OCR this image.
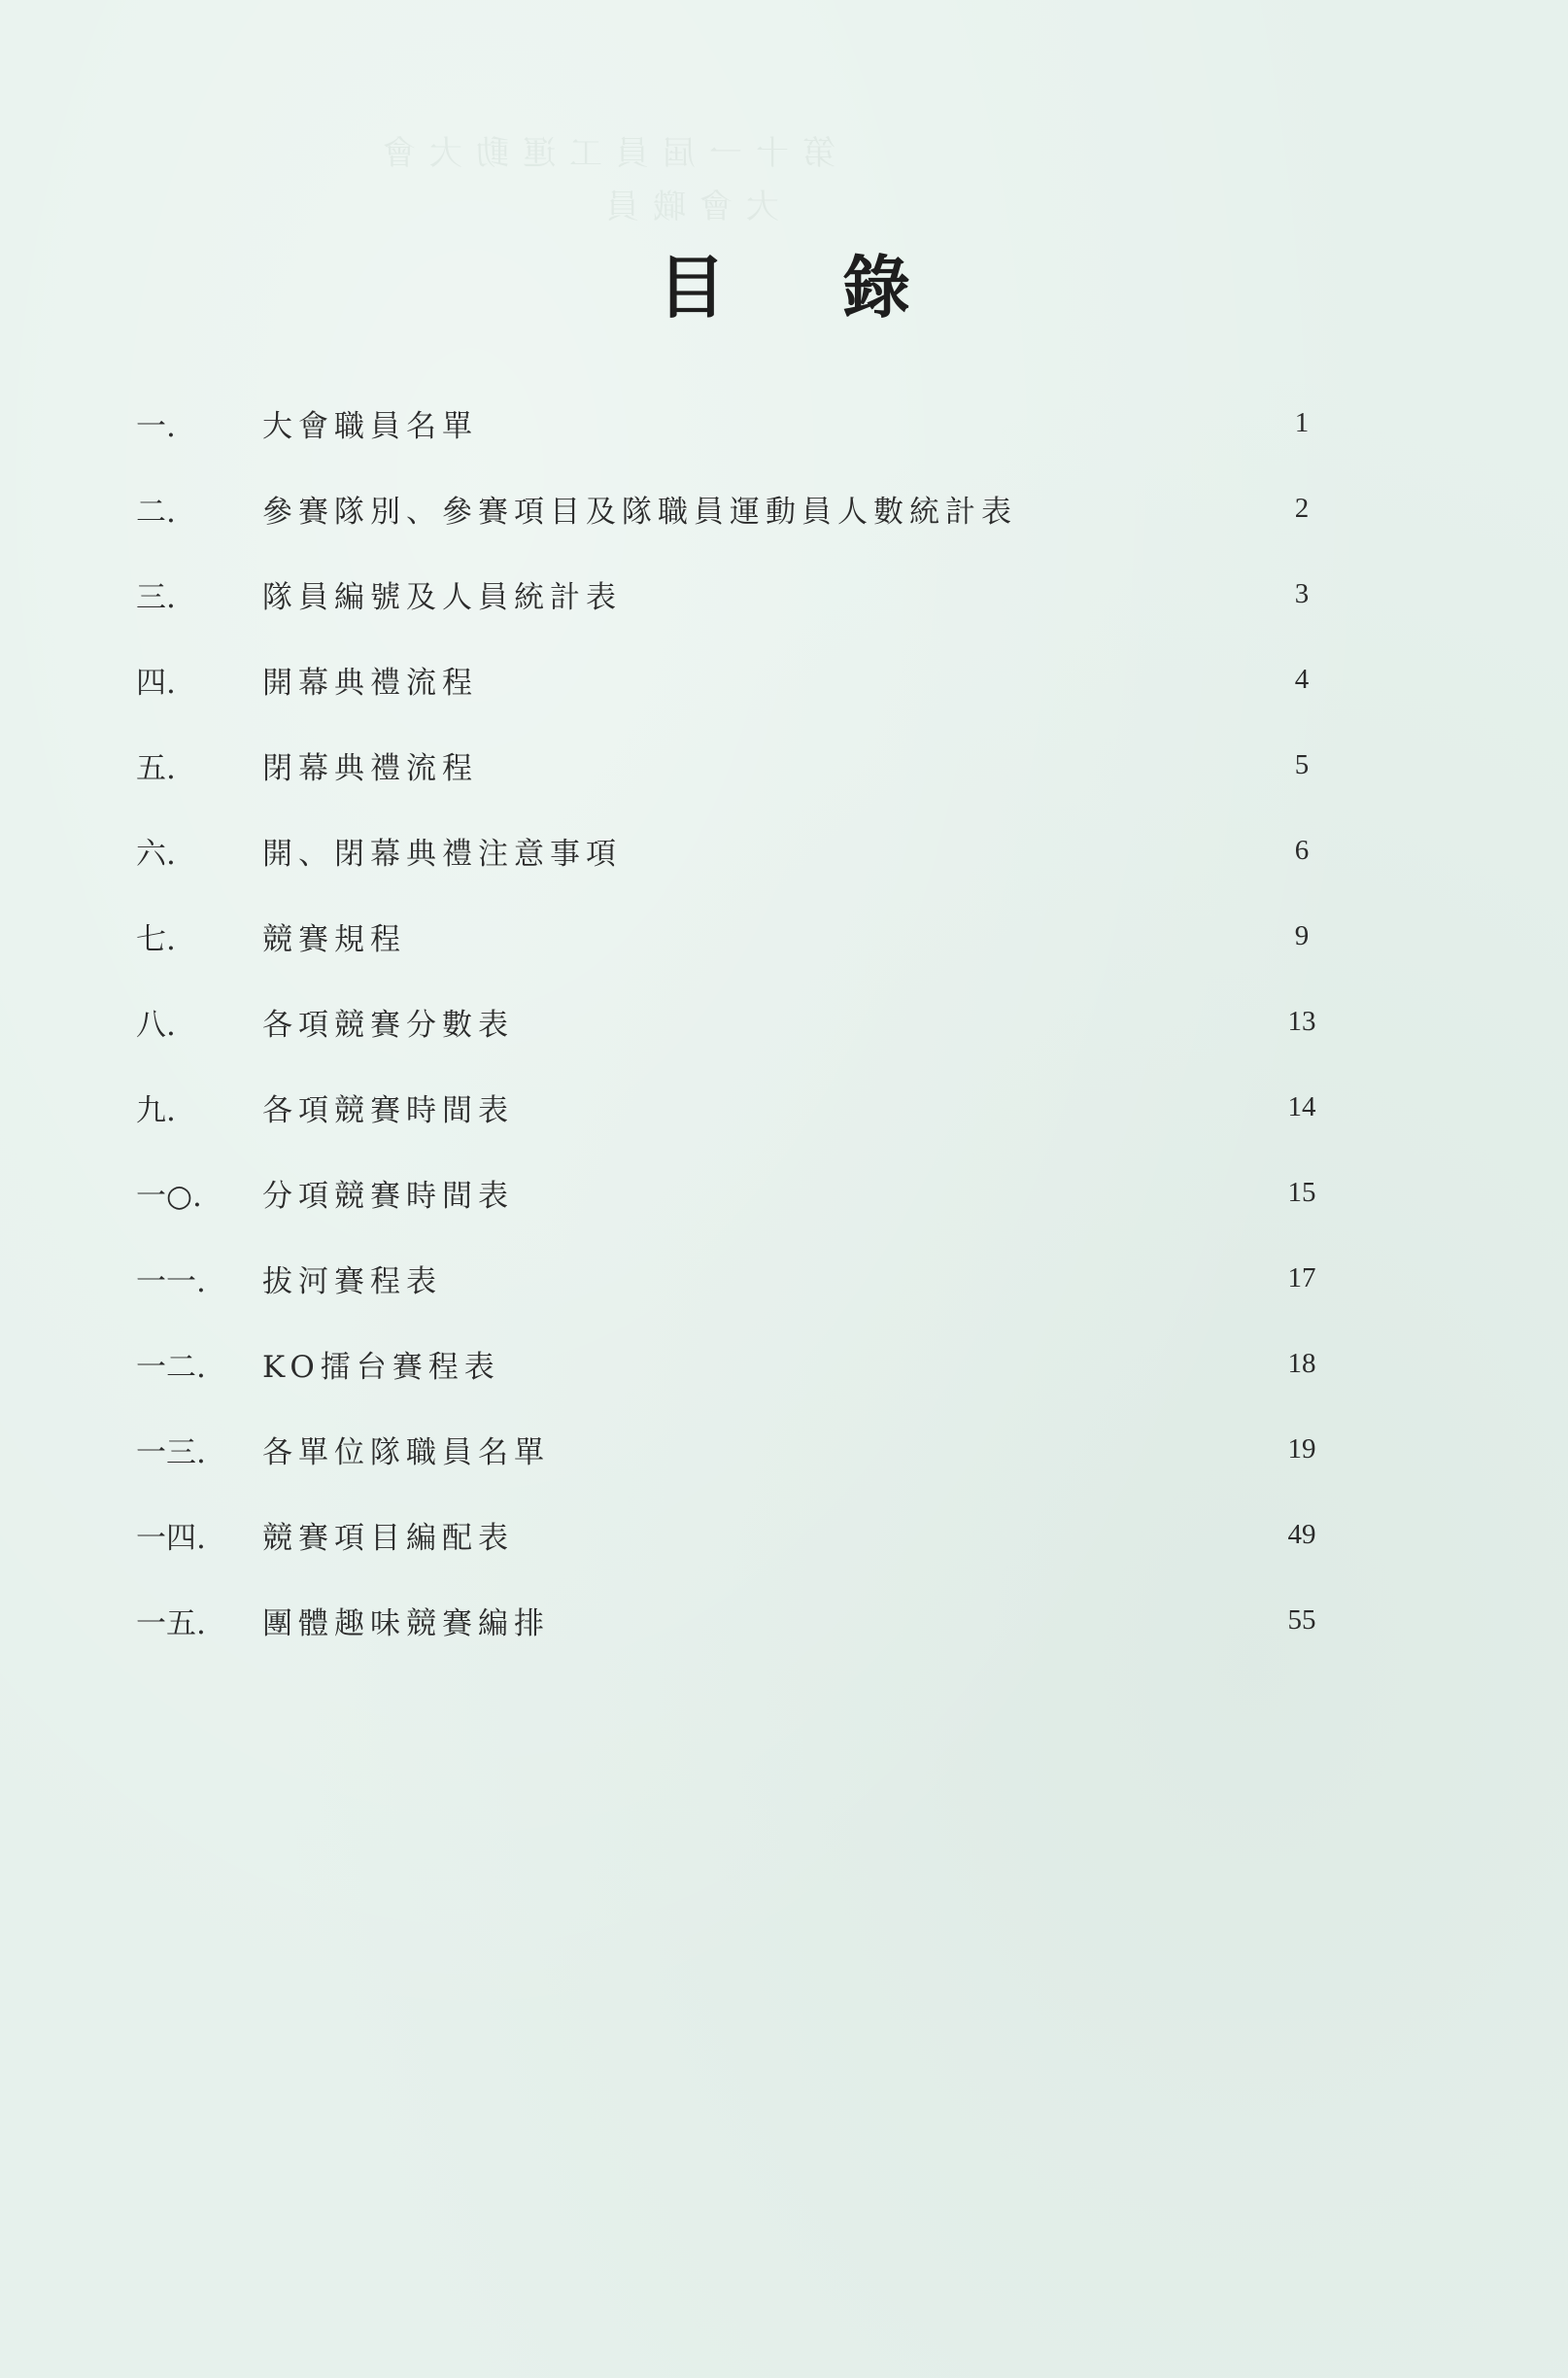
第十一屆員工運動大會
大會職員
目 錄
一.	大會職員名單	1
二.	參賽隊別、參賽項目及隊職員運動員人數統計表	2
三.	隊員編號及人員統計表	3
四.	開幕典禮流程	4
五.	閉幕典禮流程	5
六.	開、閉幕典禮注意事項	6
七.	競賽規程	9
八.	各項競賽分數表	13
九.	各項競賽時間表	14
一○.	分項競賽時間表	15
一一.	拔河賽程表	17
一二.	KO擂台賽程表	18
一三.	各單位隊職員名單	19
一四.	競賽項目編配表	49
一五.	團體趣味競賽編排	55
